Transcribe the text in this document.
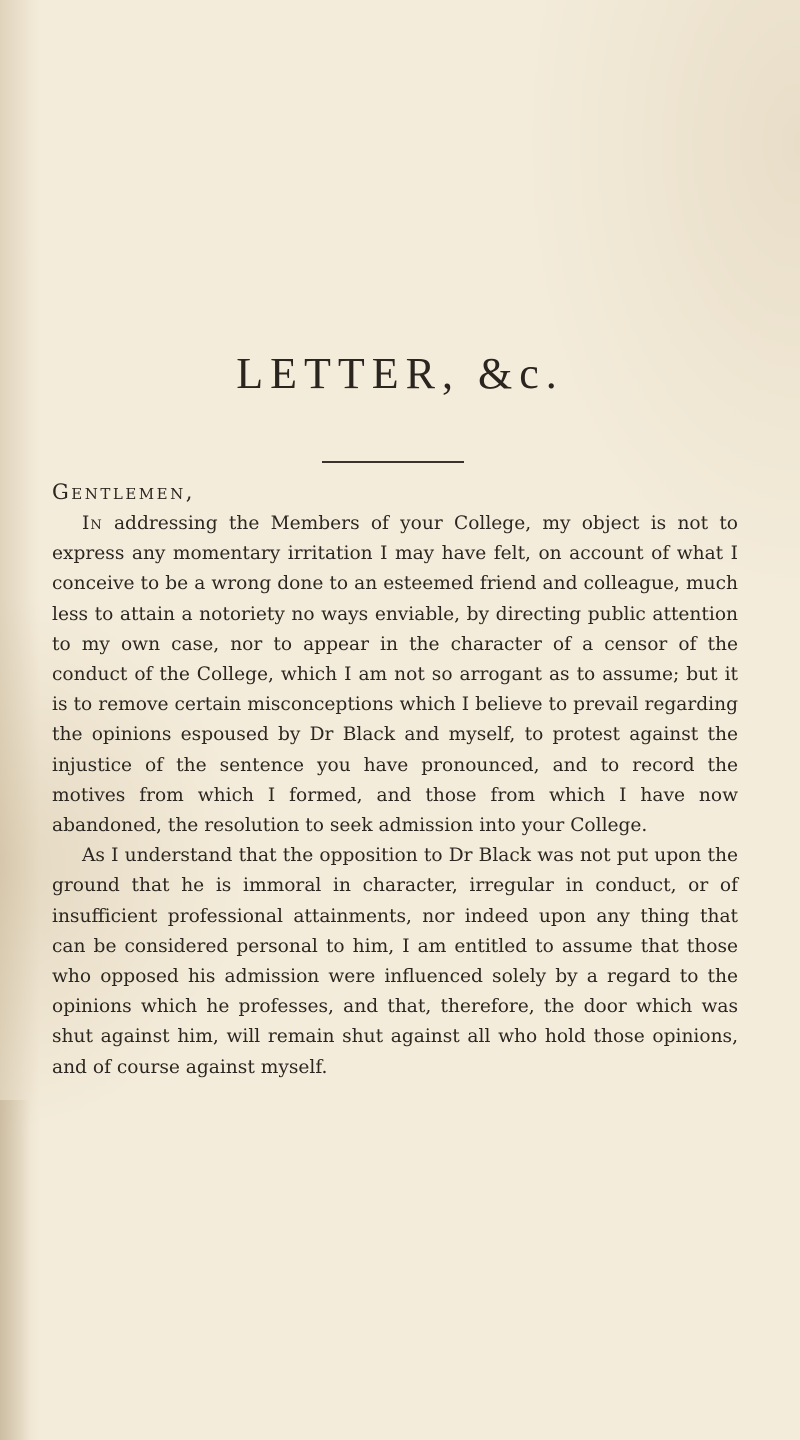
LETTER, &c.

Gentlemen,

In addressing the Members of your College, my object is not to express any momentary irritation I may have felt, on account of what I conceive to be a wrong done to an esteemed friend and colleague, much less to attain a notoriety no ways enviable, by directing public attention to my own case, nor to appear in the character of a censor of the conduct of the College, which I am not so arrogant as to assume; but it is to remove certain misconceptions which I believe to prevail regarding the opinions espoused by Dr Black and myself, to protest against the injustice of the sentence you have pronounced, and to record the motives from which I formed, and those from which I have now abandoned, the resolution to seek admission into your College.

As I understand that the opposition to Dr Black was not put upon the ground that he is immoral in character, irregular in conduct, or of insufficient professional attainments, nor indeed upon any thing that can be considered personal to him, I am entitled to assume that those who opposed his admission were influenced solely by a regard to the opinions which he professes, and that, therefore, the door which was shut against him, will remain shut against all who hold those opinions, and of course against myself.
